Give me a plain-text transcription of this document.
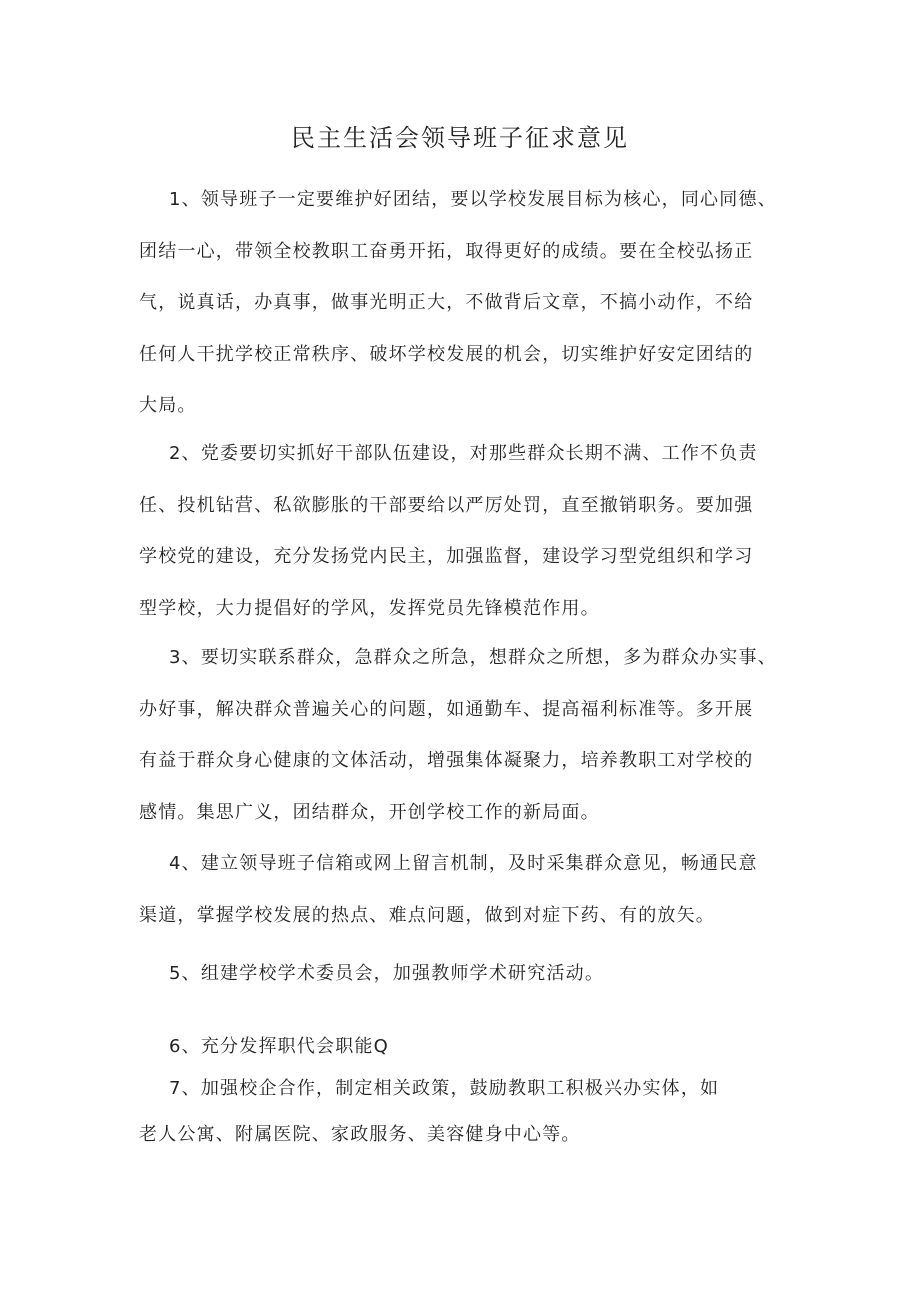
民主生活会领导班子征求意见
1、领导班子一定要维护好团结，要以学校发展目标为核心，同心同德、
团结一心，带领全校教职工奋勇开拓，取得更好的成绩。要在全校弘扬正
气，说真话，办真事，做事光明正大，不做背后文章，不搞小动作，不给
任何人干扰学校正常秩序、破坏学校发展的机会，切实维护好安定团结的
大局。
2、党委要切实抓好干部队伍建设，对那些群众长期不满、工作不负责
任、投机钻营、私欲膨胀的干部要给以严厉处罚，直至撤销职务。要加强
学校党的建设，充分发扬党内民主，加强监督，建设学习型党组织和学习
型学校，大力提倡好的学风，发挥党员先锋模范作用。
3、要切实联系群众，急群众之所急，想群众之所想，多为群众办实事、
办好事，解决群众普遍关心的问题，如通勤车、提高福利标准等。多开展
有益于群众身心健康的文体活动，增强集体凝聚力，培养教职工对学校的
感情。集思广义，团结群众，开创学校工作的新局面。
4、建立领导班子信箱或网上留言机制，及时采集群众意见，畅通民意
渠道，掌握学校发展的热点、难点问题，做到对症下药、有的放矢。
5、组建学校学术委员会，加强教师学术研究活动。
6、充分发挥职代会职能Q
7、加强校企合作，制定相关政策，鼓励教职工积极兴办实体，如
老人公寓、附属医院、家政服务、美容健身中心等。
